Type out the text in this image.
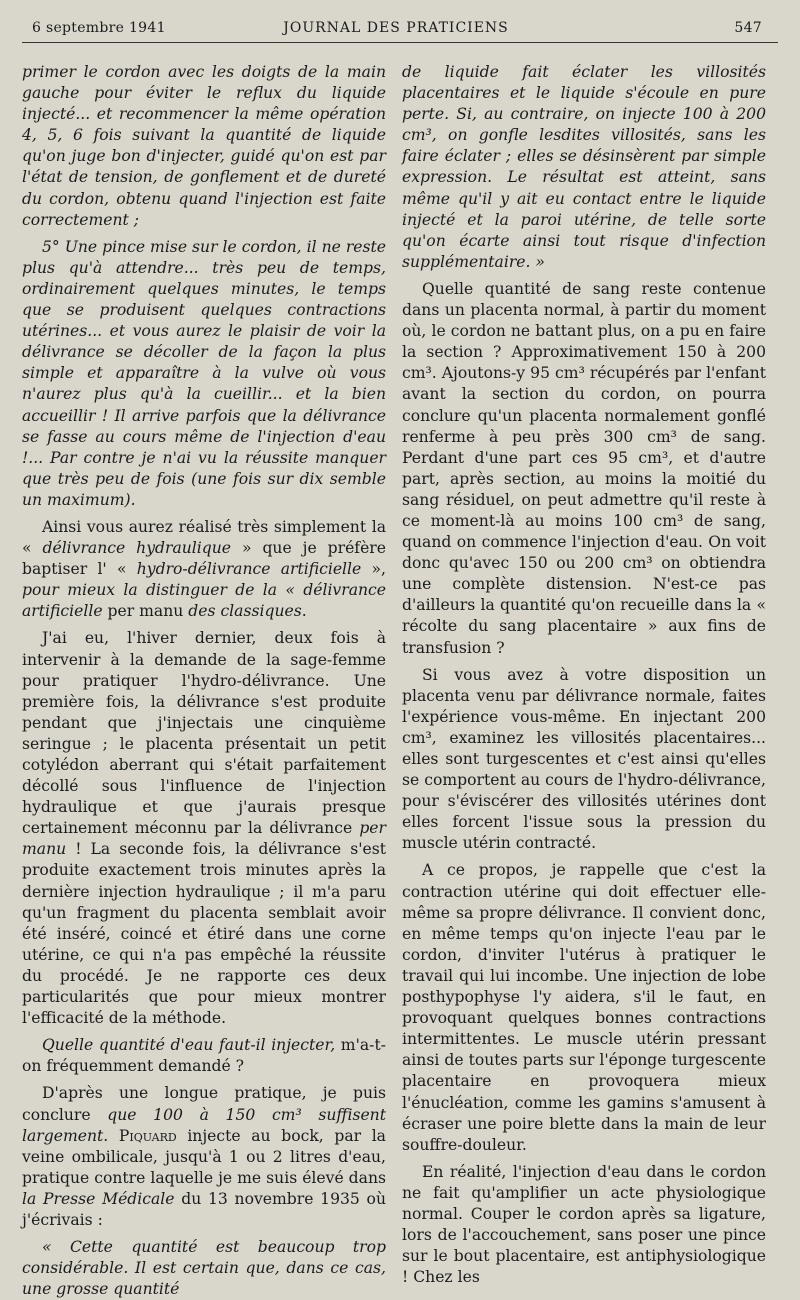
6 septembre 1941	JOURNAL DES PRATICIENS	547

primer le cordon avec les doigts de la main gauche pour éviter le reflux du liquide injecté... et recommencer la même opération 4, 5, 6 fois suivant la quantité de liquide qu'on juge bon d'injecter, guidé qu'on est par l'état de tension, de gonflement et de dureté du cordon, obtenu quand l'injection est faite correctement ;

5° Une pince mise sur le cordon, il ne reste plus qu'à attendre... très peu de temps, ordinairement quelques minutes, le temps que se produisent quelques contractions utérines... et vous aurez le plaisir de voir la délivrance se décoller de la façon la plus simple et apparaître à la vulve où vous n'aurez plus qu'à la cueillir... et la bien accueillir ! Il arrive parfois que la délivrance se fasse au cours même de l'injection d'eau !... Par contre je n'ai vu la réussite manquer que très peu de fois (une fois sur dix semble un maximum).

Ainsi vous aurez réalisé très simplement la « délivrance hydraulique » que je préfère baptiser l' « hydro-délivrance artificielle », pour mieux la distinguer de la « délivrance artificielle per manu des classiques.

J'ai eu, l'hiver dernier, deux fois à intervenir à la demande de la sage-femme pour pratiquer l'hydro-délivrance. Une première fois, la délivrance s'est produite pendant que j'injectais une cinquième seringue ; le placenta présentait un petit cotylédon aberrant qui s'était parfaitement décollé sous l'influence de l'injection hydraulique et que j'aurais presque certainement méconnu par la délivrance per manu ! La seconde fois, la délivrance s'est produite exactement trois minutes après la dernière injection hydraulique ; il m'a paru qu'un fragment du placenta semblait avoir été inséré, coincé et étiré dans une corne utérine, ce qui n'a pas empêché la réussite du procédé. Je ne rapporte ces deux particularités que pour mieux montrer l'efficacité de la méthode.

Quelle quantité d'eau faut-il injecter, m'a-t-on fréquemment demandé ?

D'après une longue pratique, je puis conclure que 100 à 150 cm³ suffisent largement. Piquard injecte au bock, par la veine ombilicale, jusqu'à 1 ou 2 litres d'eau, pratique contre laquelle je me suis élevé dans la Presse Médicale du 13 novembre 1935 où j'écrivais :

« Cette quantité est beaucoup trop considérable. Il est certain que, dans ce cas, une grosse quantité

de liquide fait éclater les villosités placentaires et le liquide s'écoule en pure perte. Si, au contraire, on injecte 100 à 200 cm³, on gonfle lesdites villosités, sans les faire éclater ; elles se désinsèrent par simple expression. Le résultat est atteint, sans même qu'il y ait eu contact entre le liquide injecté et la paroi utérine, de telle sorte qu'on écarte ainsi tout risque d'infection supplémentaire. »

Quelle quantité de sang reste contenue dans un placenta normal, à partir du moment où, le cordon ne battant plus, on a pu en faire la section ? Approximativement 150 à 200 cm³. Ajoutons-y 95 cm³ récupérés par l'enfant avant la section du cordon, on pourra conclure qu'un placenta normalement gonflé renferme à peu près 300 cm³ de sang. Perdant d'une part ces 95 cm³, et d'autre part, après section, au moins la moitié du sang résiduel, on peut admettre qu'il reste à ce moment-là au moins 100 cm³ de sang, quand on commence l'injection d'eau. On voit donc qu'avec 150 ou 200 cm³ on obtiendra une complète distension. N'est-ce pas d'ailleurs la quantité qu'on recueille dans la « récolte du sang placentaire » aux fins de transfusion ?

Si vous avez à votre disposition un placenta venu par délivrance normale, faites l'expérience vous-même. En injectant 200 cm³, examinez les villosités placentaires... elles sont turgescentes et c'est ainsi qu'elles se comportent au cours de l'hydro-délivrance, pour s'éviscérer des villosités utérines dont elles forcent l'issue sous la pression du muscle utérin contracté.

A ce propos, je rappelle que c'est la contraction utérine qui doit effectuer elle-même sa propre délivrance. Il convient donc, en même temps qu'on injecte l'eau par le cordon, d'inviter l'utérus à pratiquer le travail qui lui incombe. Une injection de lobe posthypophyse l'y aidera, s'il le faut, en provoquant quelques bonnes contractions intermittentes. Le muscle utérin pressant ainsi de toutes parts sur l'éponge turgescente placentaire en provoquera mieux l'énucléation, comme les gamins s'amusent à écraser une poire blette dans la main de leur souffre-douleur.

En réalité, l'injection d'eau dans le cordon ne fait qu'amplifier un acte physiologique normal. Couper le cordon après sa ligature, lors de l'accouchement, sans poser une pince sur le bout placentaire, est antiphysiologique ! Chez les
